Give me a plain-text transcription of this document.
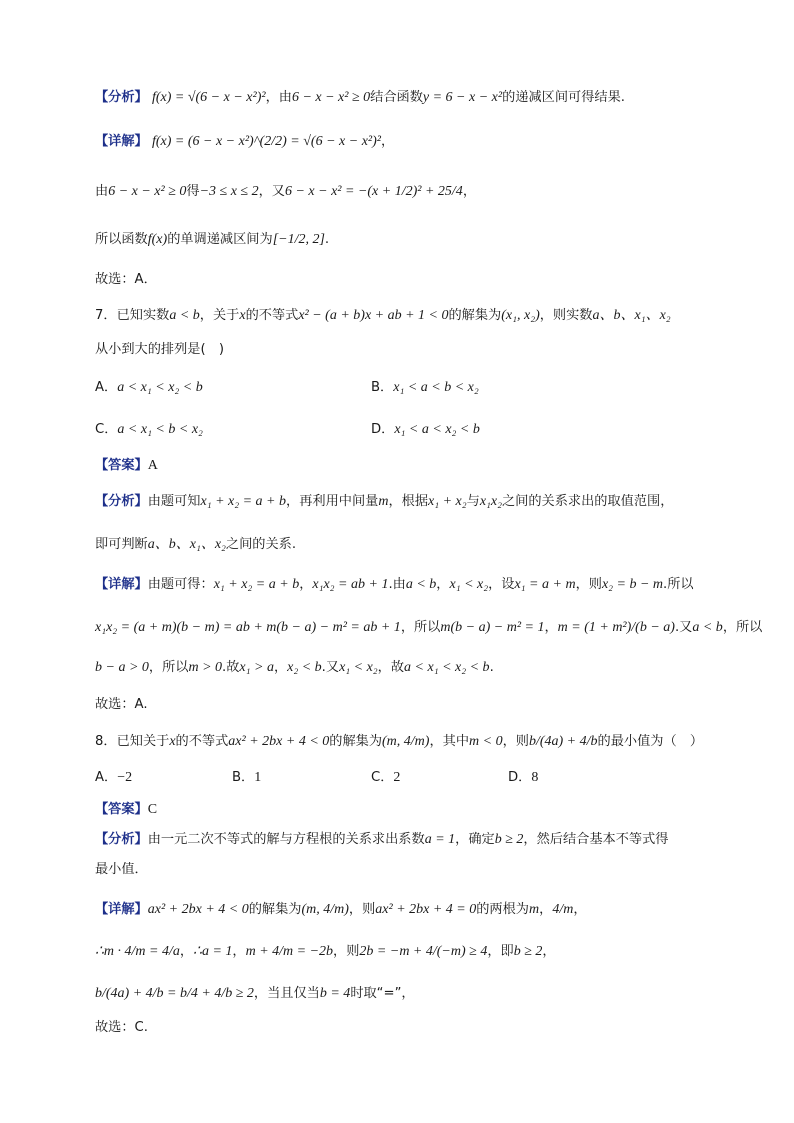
【分析】 f(x) = √(6 − x − x²)²，由6 − x − x² ≥ 0结合函数y = 6 − x − x²的递减区间可得结果.
【详解】 f(x) = (6 − x − x²)^(2/2) = √(6 − x − x²)²，
由6 − x − x² ≥ 0得−3 ≤ x ≤ 2，又6 − x − x² = −(x + 1/2)² + 25/4，
所以函数f(x)的单调递减区间为[−1/2, 2].
故选：A．
7．已知实数a < b，关于x的不等式x² − (a + b)x + ab + 1 < 0的解集为(x₁, x₂)，则实数a、b、x₁、x₂
从小到大的排列是(　)
A．a < x₁ < x₂ < b	B．x₁ < a < b < x₂
C．a < x₁ < b < x₂	D．x₁ < a < x₂ < b
【答案】A
【分析】由题可知x₁ + x₂ = a + b，再利用中间量m，根据x₁ + x₂与x₁x₂之间的关系求出的取值范围，
即可判断a、b、x₁、x₂之间的关系.
【详解】由题可得：x₁ + x₂ = a + b，x₁x₂ = ab + 1.由a < b，x₁ < x₂，设x₁ = a + m，则x₂ = b − m.所以
x₁x₂ = (a + m)(b − m) = ab + m(b − a) − m² = ab + 1，所以m(b − a) − m² = 1，m = (1 + m²)/(b − a).又a < b，所以
b − a > 0，所以m > 0.故x₁ > a，x₂ < b.又x₁ < x₂，故a < x₁ < x₂ < b.
故选：A.
8．已知关于x的不等式ax² + 2bx + 4 < 0的解集为(m, 4/m)，其中m < 0，则b/(4a) + 4/b的最小值为（　）
A．−2	B．1	C．2	D．8
【答案】C
【分析】由一元二次不等式的解与方程根的关系求出系数a = 1，确定b ≥ 2，然后结合基本不等式得
最小值．
【详解】ax² + 2bx + 4 < 0的解集为(m, 4/m)，则ax² + 2bx + 4 = 0的两根为m，4/m，
∴m · 4/m = 4/a，∴a = 1，m + 4/m = −2b，则2b = −m + 4/(−m) ≥ 4，即b ≥ 2，
b/(4a) + 4/b = b/4 + 4/b ≥ 2，当且仅当b = 4时取“=”，
故选：C.
